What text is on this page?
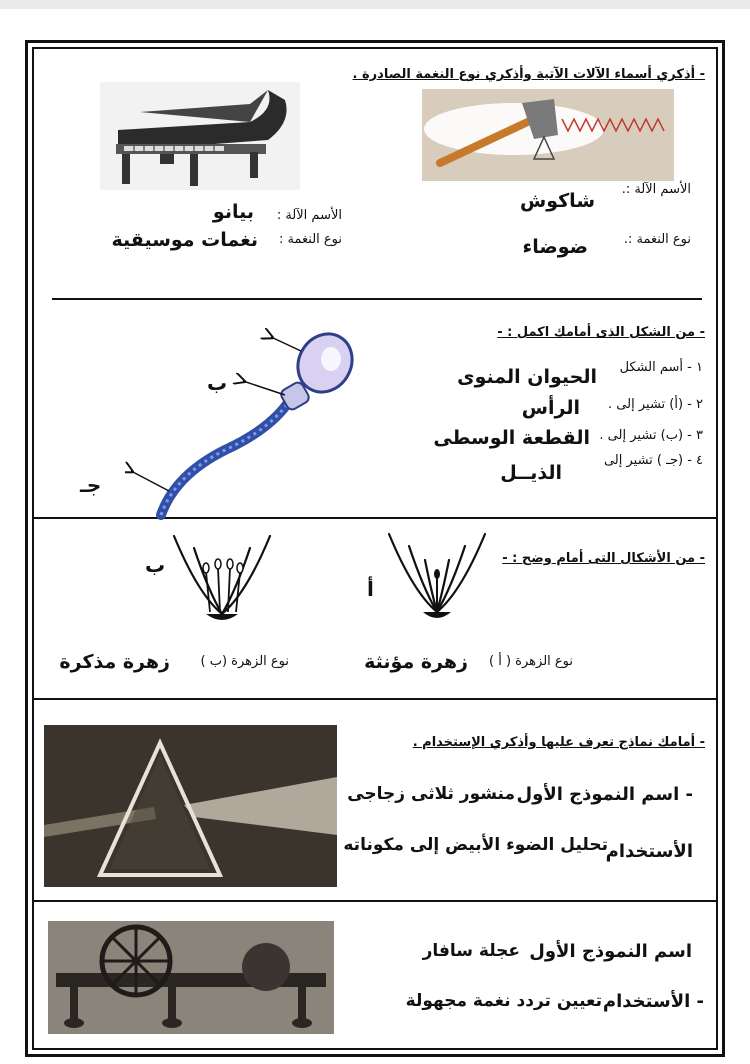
- أذكري أسماء الآلات الآتية وأذكري نوع النغمة الصادرة .
الأسم الآلة :.
شاكوش
نوع النغمة :.
ضوضاء
الأسم الآلة :
بيانو
نوع النغمة :
نغمات موسيقية
- من الشكل الذى أمامك اكمل : -
ب
جـ
١ - أسم الشكل
الحيوان المنوى
٢ - (أ) تشير إلى .
الرأس
٣ - (ب) تشير إلى .
القطعة الوسطى
٤ - (جـ ) تشير إلى
الذيــل
- من الأشكال التى أمام وضح : -
أ
ب
نوع الزهرة ( أ )
زهرة مؤنثة
نوع الزهرة (ب )
زهرة مذكرة
- أمامك نماذج تعرف عليها وأذكري الإستخدام .
- اسم النموذج الأول
منشور ثلاثى زجاجى
الأستخدام
تحليل الضوء الأبيض إلى مكوناته
اسم النموذج الأول
عجلة سافار
- الأستخدام
تعيين تردد نغمة مجهولة
